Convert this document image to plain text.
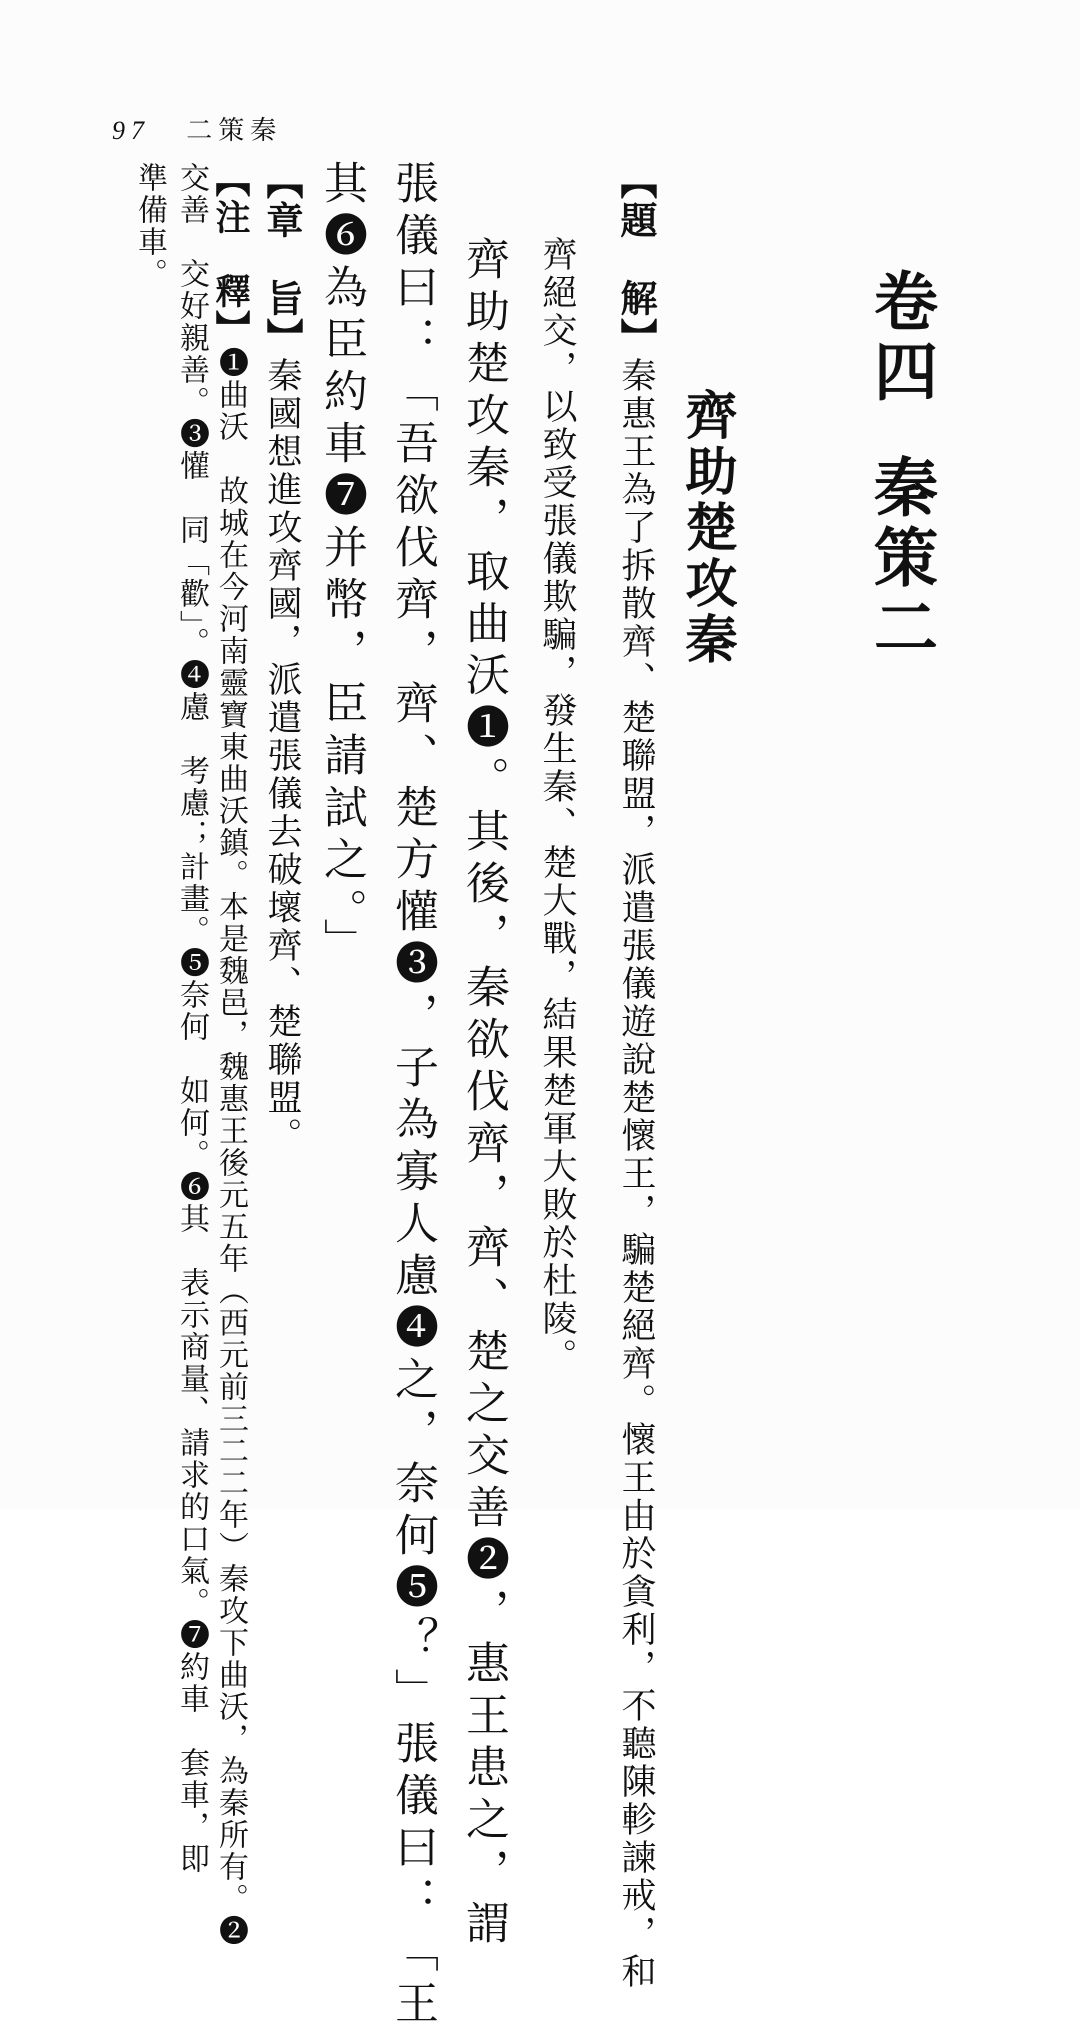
97 二策秦
卷四秦策二
齊助楚攻秦
【題　解】秦惠王為了拆散齊、楚聯盟，派遣張儀遊說楚懷王，騙楚絕齊。懷王由於貪利，不聽陳軫諫戒，和
齊絕交，以致受張儀欺騙，發生秦、楚大戰，結果楚軍大敗於杜陵。
齊助楚攻秦，取曲沃❶。其後，秦欲伐齊，齊、楚之交善❷，惠王患之，謂
張儀曰：「吾欲伐齊，齊、楚方懽❸，子為寡人慮❹之，奈何❺？」張儀曰：「王
其❻為臣約車❼并幣，臣請試之。」
【章　旨】秦國想進攻齊國，派遣張儀去破壞齊、楚聯盟。
【注　釋】❶曲沃　故城在今河南靈寶東曲沃鎮。本是魏邑，魏惠王後元五年（西元前三二二年）秦攻下曲沃，為秦所有。❷
交善　交好親善。❸懽　同「歡」。❹慮　考慮；計畫。❺奈何　如何。❻其　表示商量、請求的口氣。❼約車　套車，即
準備車。
